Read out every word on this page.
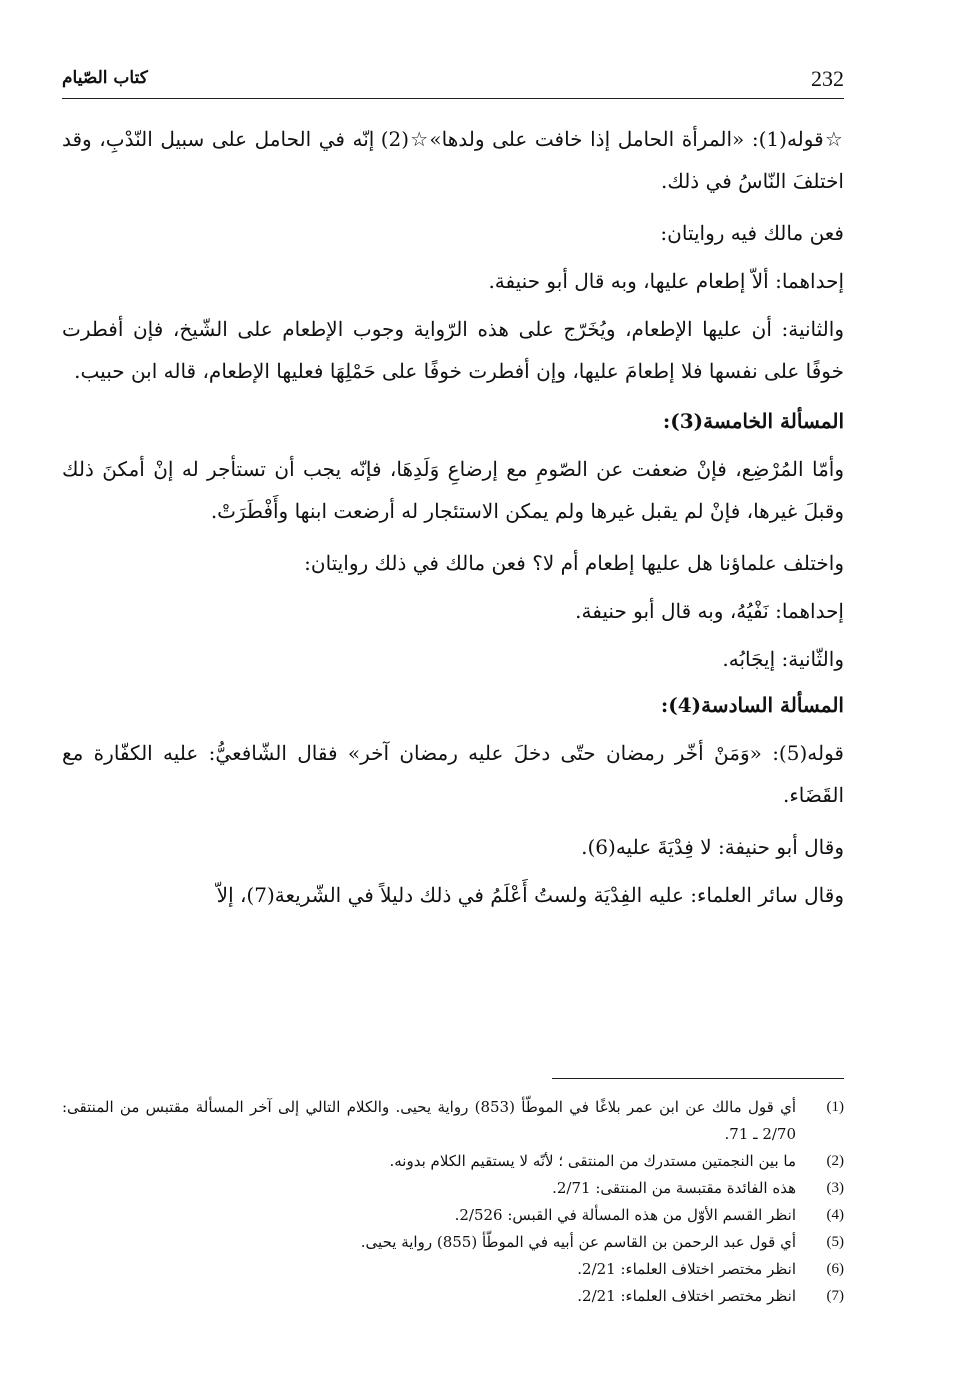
232
كتاب الصّيام

☆قوله(1): «المرأة الحامل إذا خافت على ولدها»☆(2) إنّه في الحامل على سبيل النّدْبِ، وقد اختلفَ النّاسُ في ذلك.

فعن مالك فيه روايتان:

إحداهما: ألاّ إطعام عليها، وبه قال أبو حنيفة.

والثانية: أن عليها الإطعام، ويُخَرّج على هذه الرّواية وجوب الإطعام على الشّيخ، فإن أفطرت خوفًا على نفسها فلا إطعامَ عليها، وإن أفطرت خوفًا على حَمْلِهَا فعليها الإطعام، قاله ابن حبيب.

المسألة الخامسة(3):

وأمّا المُرْضِع، فإنْ ضعفت عن الصّومِ مع إرضاعِ وَلَدِهَا، فإنّه يجب أن تستأجر له إنْ أمكنَ ذلك وقبلَ غيرها، فإنْ لم يقبل غيرها ولم يمكن الاستئجار له أرضعت ابنها وأَفْطَرَتْ.

واختلف علماؤنا هل عليها إطعام أم لا؟ فعن مالك في ذلك روايتان:

إحداهما: نَفْيُهُ، وبه قال أبو حنيفة.

والثّانية: إيجَابُه.

المسألة السادسة(4):

قوله(5): «وَمَنْ أخّر رمضان حتّى دخلَ عليه رمضان آخر» فقال الشّافعيُّ: عليه الكفّارة مع القَضَاء.

وقال أبو حنيفة: لا فِدْيَةَ عليه(6).

وقال سائر العلماء: عليه الفِدْيَة ولستُ أَعْلَمُ في ذلك دليلاً في الشّريعة(7)، إلاّ

(1)
أي قول مالك عن ابن عمر بلاغًا في الموطّأ (853) رواية يحيى. والكلام التالي إلى آخر المسألة مقتبس من المنتقى: 2/70 ـ 71.
(2)
ما بين النجمتين مستدرك من المنتقى ؛ لأنّه لا يستقيم الكلام بدونه.
(3)
هذه الفائدة مقتبسة من المنتقى: 2/71.
(4)
انظر القسم الأوّل من هذه المسألة في القبس: 2/526.
(5)
أي قول عبد الرحمن بن القاسم عن أبيه في الموطّأ (855) رواية يحيى.
(6)
انظر مختصر اختلاف العلماء: 2/21.
(7)
انظر مختصر اختلاف العلماء: 2/21.
